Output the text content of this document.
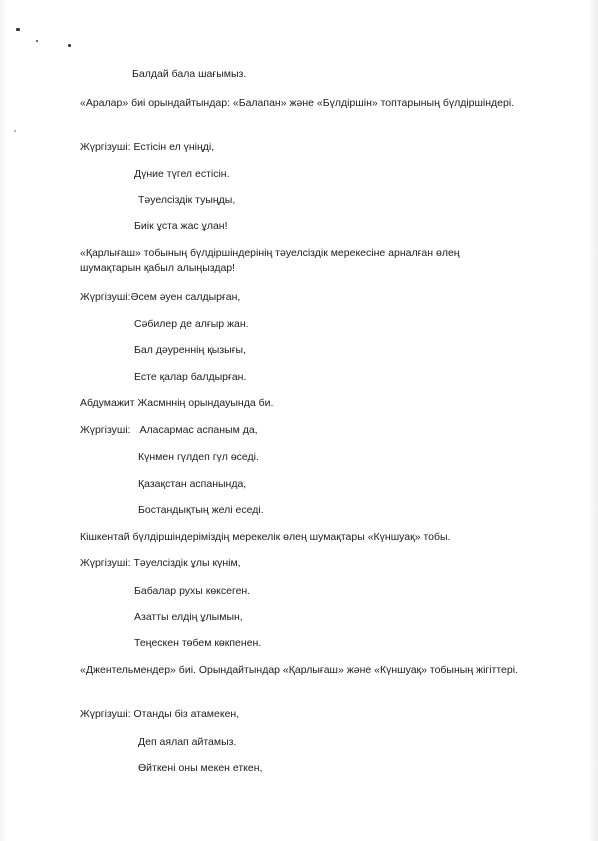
Балдай бала шағымыз.
«Аралар» биі орындайтындар: «Балапан» және «Бүлдіршін» топтарының бүлдіршіндері.
Жүргізуші: Естісін ел үніңді,
Дүние түгел естісін.
Тәуелсіздік туыңды,
Биік ұста жас ұлан!
«Қарлығаш» тобының бүлдіршіндерінің тәуелсіздік мерекесіне арналған өлең шумақтарын қабыл алыңыздар!
Жүргізуші:Әсем әуен салдырған,
Сәбилер де алғыр жан.
Бал дәуреннің қызығы,
Есте қалар балдырған.
Абдумажит Жасмннің орындауында би.
Жүргізуші: Аласармас аспаным да,
Күнмен гүлдеп гүл өседі.
Қазақстан аспанында,
Бостандықтың желі еседі.
Кішкентай бүлдіршіндеріміздің мерекелік өлең шумақтары «Күншуақ» тобы.
Жүргізуші: Тәуелсіздік ұлы күнім,
Бабалар рухы көксеген.
Азатты елдің ұлымын,
Теңескен төбем көкпенен.
«Джентельмендер» биі. Орындайтындар «Қарлығаш» және «Күншуақ» тобының жігіттері.
Жүргізуші: Отанды біз атамекен,
Деп аялап айтамыз.
Өйткені оны мекен еткен,
